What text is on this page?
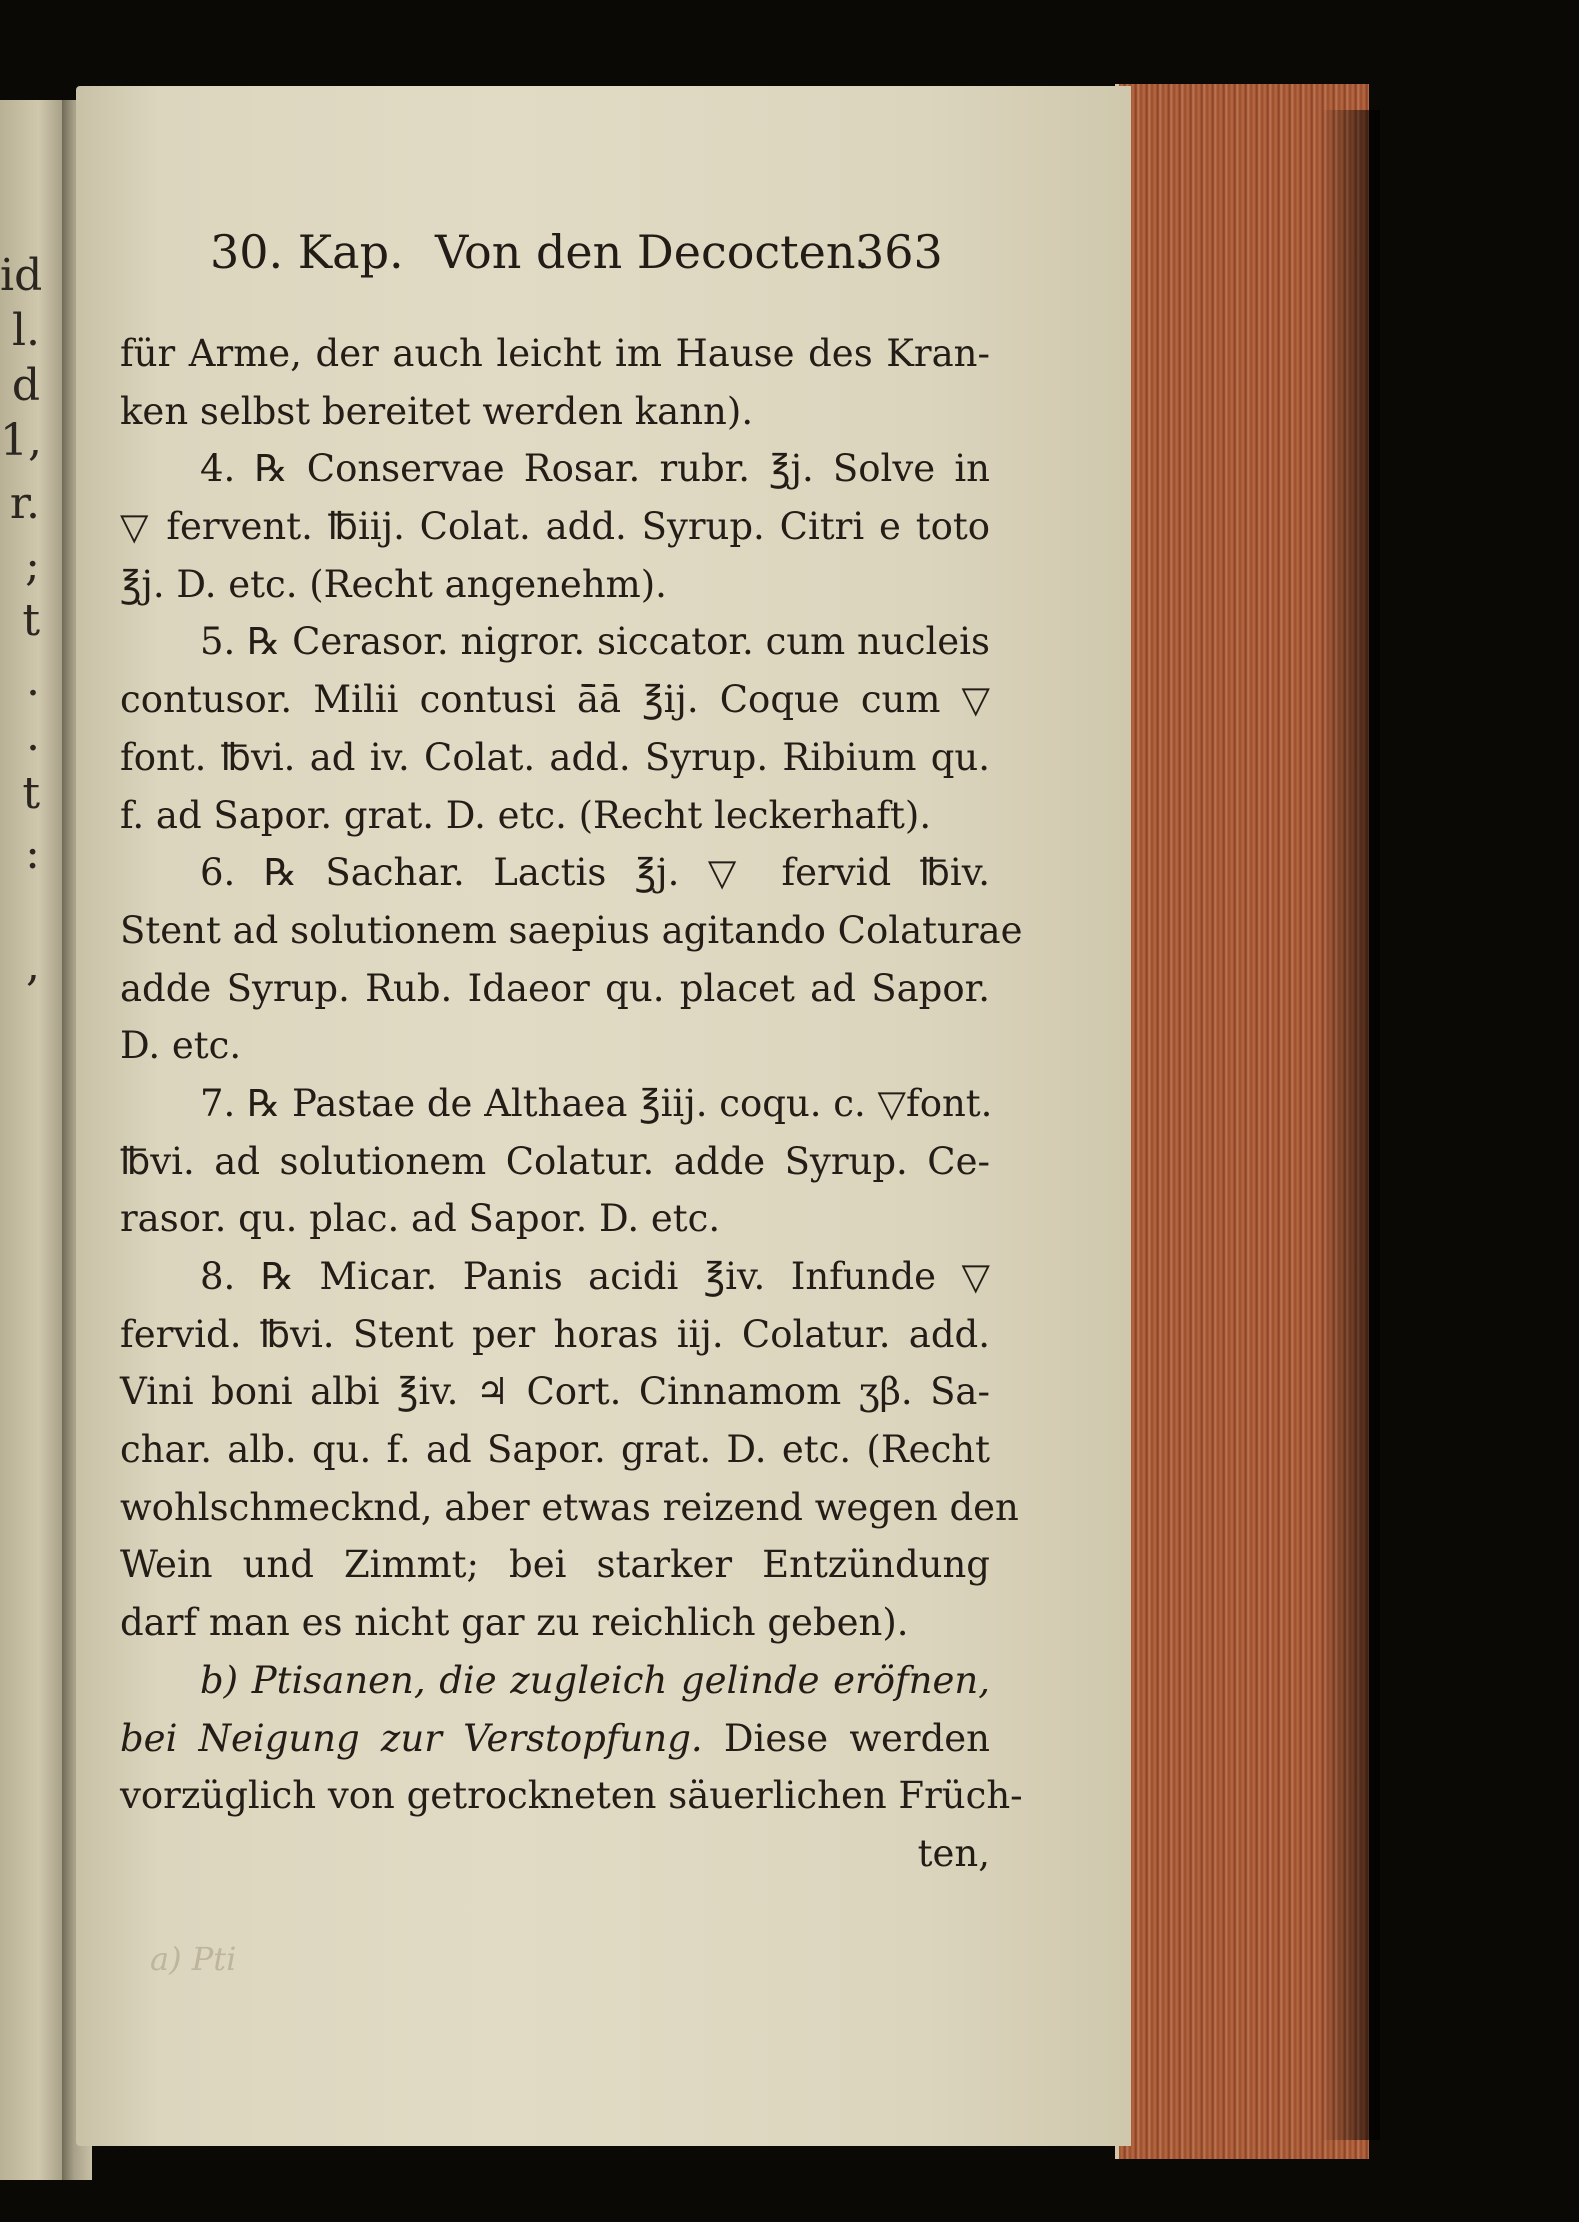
id
l.
d
1,
r.
;
t
.
.
t
:
,
30. Kap. Von den Decocten.
363
für Arme, der auch leicht im Hause des Kran-
ken selbst bereitet werden kann).
4. ℞ Conservae Rosar. rubr. ℥j. Solve in
▽ fervent. ℔iij. Colat. add. Syrup. Citri e toto
℥j. D. etc. (Recht angenehm).
5. ℞ Cerasor. nigror. siccator. cum nucleis
contusor. Milii contusi ā̄ā ℥ij. Coque cum ▽
font. ℔vi. ad iv. Colat. add. Syrup. Ribium qu.
f. ad Sapor. grat. D. etc. (Recht leckerhaft).
6. ℞ Sachar. Lactis ℥j. ▽ fervid ℔iv.
Stent ad solutionem saepius agitando Colaturae
adde Syrup. Rub. Idaeor qu. placet ad Sapor.
D. etc.
7. ℞ Pastae de Althaea ℥iij. coqu. c. ▽font.
℔vi. ad solutionem Colatur. adde Syrup. Ce-
rasor. qu. plac. ad Sapor. D. etc.
8. ℞ Micar. Panis acidi ℥iv. Infunde ▽
fervid. ℔vi. Stent per horas iij. Colatur. add.
Vini boni albi ℥iv. ♃ Cort. Cinnamom ʒβ. Sa-
char. alb. qu. f. ad Sapor. grat. D. etc. (Recht
wohlschmecknd, aber etwas reizend wegen den
Wein und Zimmt; bei starker Entzündung
darf man es nicht gar zu reichlich geben).
b) Ptisanen, die zugleich gelinde eröfnen,
bei Neigung zur Verstopfung. Diese werden
vorzüglich von getrockneten säuerlichen Früch-
ten,
a) Pti
